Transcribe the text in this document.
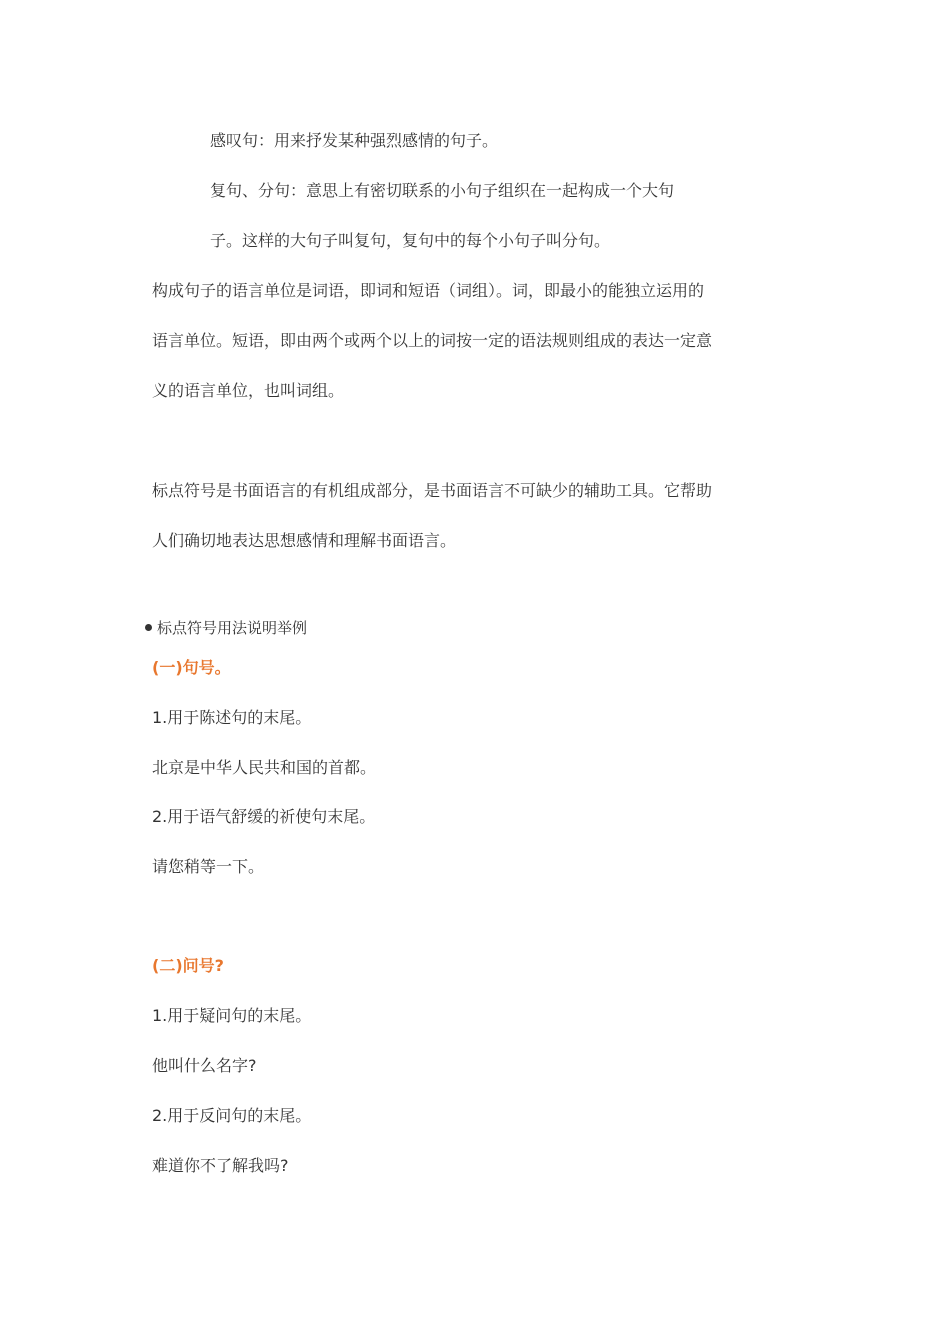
感叹句：用来抒发某种强烈感情的句子。
复句、分句：意思上有密切联系的小句子组织在一起构成一个大句
子。这样的大句子叫复句，复句中的每个小句子叫分句。
构成句子的语言单位是词语，即词和短语（词组）。词，即最小的能独立运用的
语言单位。短语，即由两个或两个以上的词按一定的语法规则组成的表达一定意
义的语言单位，也叫词组。
标点符号是书面语言的有机组成部分，是书面语言不可缺少的辅助工具。它帮助
人们确切地表达思想感情和理解书面语言。
标点符号用法说明举例
(一)句号。
1.用于陈述句的末尾。
北京是中华人民共和国的首都。
2.用于语气舒缓的祈使句末尾。
请您稍等一下。
(二)问号?
1.用于疑问句的末尾。
他叫什么名字?
2.用于反问句的末尾。
难道你不了解我吗?
